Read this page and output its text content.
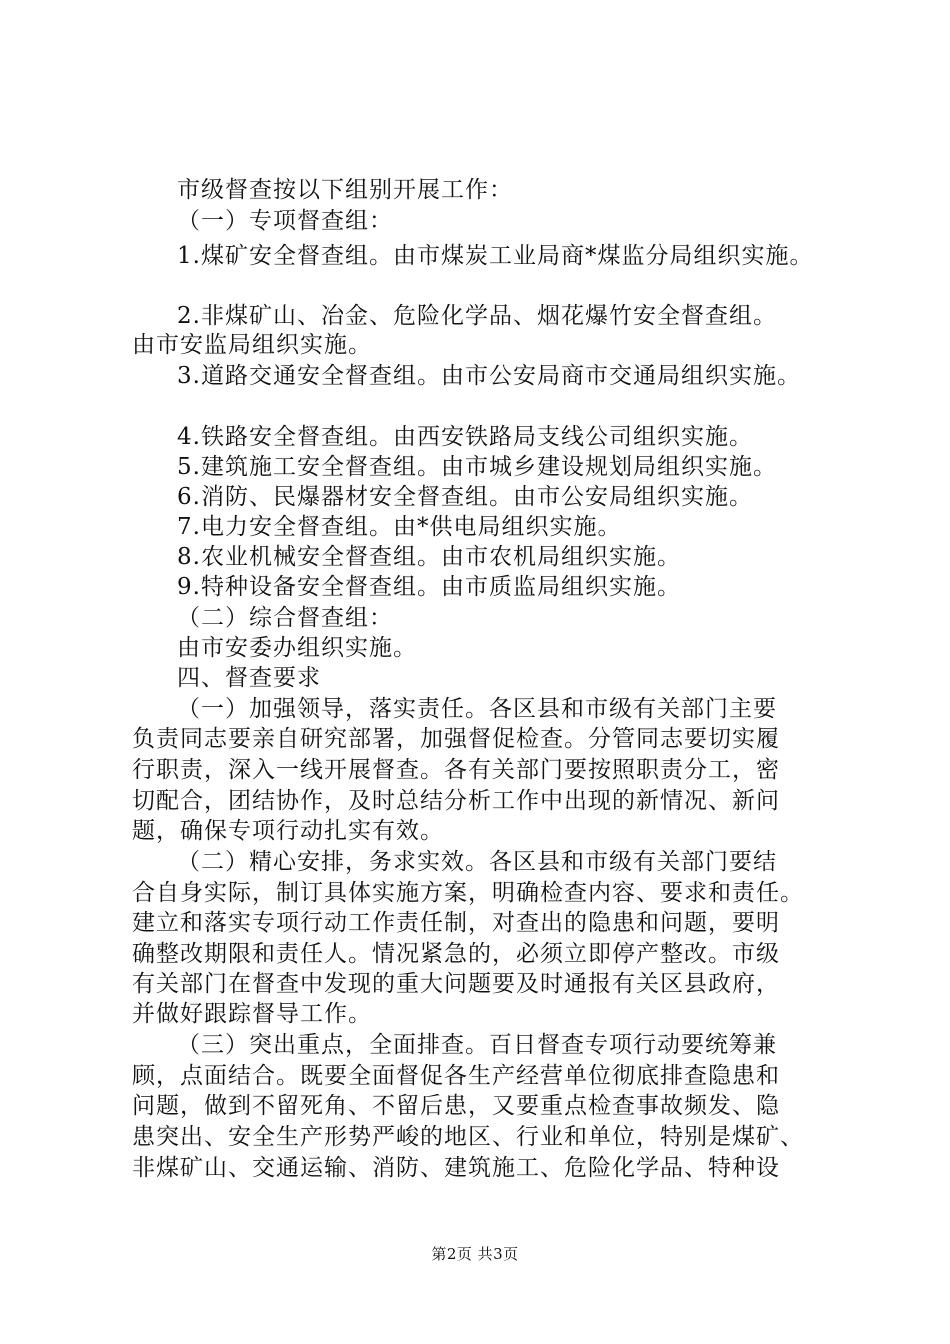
市级督查按以下组别开展工作：
（一）专项督查组：
1.煤矿安全督查组。由市煤炭工业局商*煤监分局组织实施。
2.非煤矿山、冶金、危险化学品、烟花爆竹安全督查组。
由市安监局组织实施。
3.道路交通安全督查组。由市公安局商市交通局组织实施。
4.铁路安全督查组。由西安铁路局支线公司组织实施。
5.建筑施工安全督查组。由市城乡建设规划局组织实施。
6.消防、民爆器材安全督查组。由市公安局组织实施。
7.电力安全督查组。由*供电局组织实施。
8.农业机械安全督查组。由市农机局组织实施。
9.特种设备安全督查组。由市质监局组织实施。
（二）综合督查组：
由市安委办组织实施。
四、督查要求
（一）加强领导，落实责任。各区县和市级有关部门主要
负责同志要亲自研究部署，加强督促检查。分管同志要切实履
行职责，深入一线开展督查。各有关部门要按照职责分工，密
切配合，团结协作，及时总结分析工作中出现的新情况、新问
题，确保专项行动扎实有效。
（二）精心安排，务求实效。各区县和市级有关部门要结
合自身实际，制订具体实施方案，明确检查内容、要求和责任。
建立和落实专项行动工作责任制，对查出的隐患和问题，要明
确整改期限和责任人。情况紧急的，必须立即停产整改。市级
有关部门在督查中发现的重大问题要及时通报有关区县政府，
并做好跟踪督导工作。
（三）突出重点，全面排查。百日督查专项行动要统筹兼
顾，点面结合。既要全面督促各生产经营单位彻底排查隐患和
问题，做到不留死角、不留后患，又要重点检查事故频发、隐
患突出、安全生产形势严峻的地区、行业和单位，特别是煤矿、
非煤矿山、交通运输、消防、建筑施工、危险化学品、特种设
第2页 共3页
